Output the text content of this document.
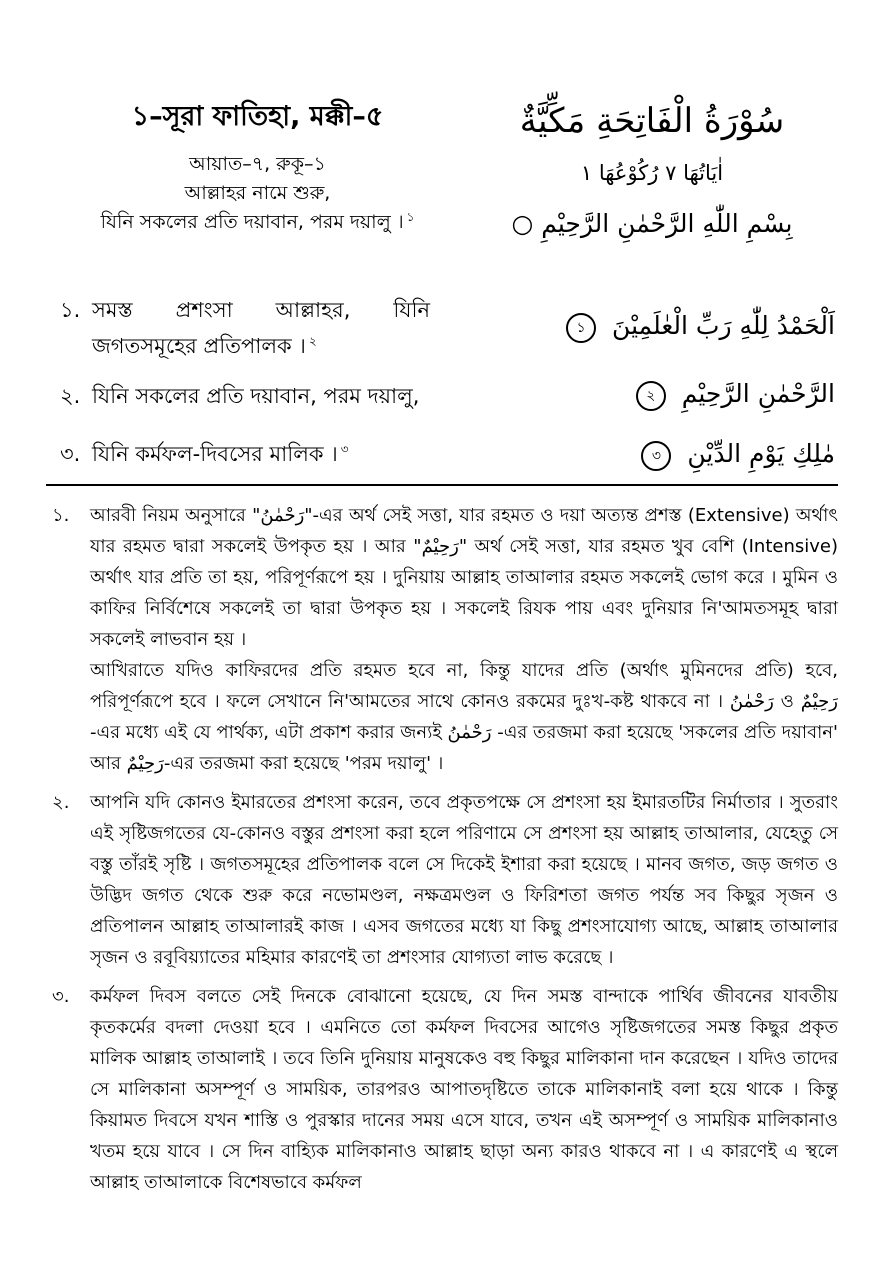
১–সূরা ফাতিহা, মক্কী–৫
আয়াত–৭, রুকূ–১
আল্লাহর নামে শুরু,
যিনি সকলের প্রতি দয়াবান, পরম দয়ালু । $^১$
سُوْرَةُ الْفَاتِحَةِ مَكِّيَّةٌ
اٰيَاتُهَا ٧ رُكُوْعُهَا ١
بِسْمِ اللّٰهِ الرَّحْمٰنِ الرَّحِيْمِ ○
১. সমস্ত প্রশংসা আল্লাহর, যিনি
জগতসমূহের প্রতিপালক । $^২$
اَلْحَمْدُ لِلّٰهِ رَبِّ الْعٰلَمِيْنَ ১
২. যিনি সকলের প্রতি দয়াবান, পরম দয়ালু,	الرَّحْمٰنِ الرَّحِيْمِ ২
৩. যিনি কর্মফল-দিবসের মালিক । $^৩$	مٰلِكِ يَوْمِ الدِّيْنِ ৩
১. আরবী নিয়ম অনুসারে "رَحْمٰنُ"-এর অর্থ সেই সত্তা, যার রহমত ও দয়া অত্যন্ত প্রশস্ত (Extensive) অর্থাৎ যার রহমত দ্বারা সকলেই উপকৃত হয় । আর "رَحِيْمٌ" অর্থ সেই সত্তা, যার রহমত খুব বেশি (Intensive) অর্থাৎ যার প্রতি তা হয়, পরিপূর্ণরূপে হয় । দুনিয়ায় আল্লাহ তাআলার রহমত সকলেই ভোগ করে । মুমিন ও কাফির নির্বিশেষে সকলেই তা দ্বারা উপকৃত হয় । সকলেই রিযক পায় এবং দুনিয়ার নি'আমতসমূহ দ্বারা সকলেই লাভবান হয় ।

আখিরাতে যদিও কাফিরদের প্রতি রহমত হবে না, কিন্তু যাদের প্রতি (অর্থাৎ মুমিনদের প্রতি) হবে, পরিপূর্ণরূপে হবে । ফলে সেখানে নি'আমতের সাথে কোনও রকমের দুঃখ-কষ্ট থাকবে না । رَحْمٰنُ ও رَحِيْمٌ -এর মধ্যে এই যে পার্থক্য, এটা প্রকাশ করার জন্যই رَحْمٰنُ -এর তরজমা করা হয়েছে 'সকলের প্রতি দয়াবান' আর رَحِيْمٌ-এর তরজমা করা হয়েছে 'পরম দয়ালু' ।

২. আপনি যদি কোনও ইমারতের প্রশংসা করেন, তবে প্রকৃতপক্ষে সে প্রশংসা হয় ইমারতটির নির্মাতার । সুতরাং এই সৃষ্টিজগতের যে-কোনও বস্তুর প্রশংসা করা হলে পরিণামে সে প্রশংসা হয় আল্লাহ তাআলার, যেহেতু সে বস্তু তাঁরই সৃষ্টি । জগতসমূহের প্রতিপালক বলে সে দিকেই ইশারা করা হয়েছে । মানব জগত, জড় জগত ও উদ্ভিদ জগত থেকে শুরু করে নভোমণ্ডল, নক্ষত্রমণ্ডল ও ফিরিশতা জগত পর্যন্ত সব কিছুর সৃজন ও প্রতিপালন আল্লাহ তাআলারই কাজ । এসব জগতের মধ্যে যা কিছু প্রশংসাযোগ্য আছে, আল্লাহ তাআলার সৃজন ও রবূবিয়্যাতের মহিমার কারণেই তা প্রশংসার যোগ্যতা লাভ করেছে ।

৩. কর্মফল দিবস বলতে সেই দিনকে বোঝানো হয়েছে, যে দিন সমস্ত বান্দাকে পার্থিব জীবনের যাবতীয় কৃতকর্মের বদলা দেওয়া হবে । এমনিতে তো কর্মফল দিবসের আগেও সৃষ্টিজগতের সমস্ত কিছুর প্রকৃত মালিক আল্লাহ তাআলাই । তবে তিনি দুনিয়ায় মানুষকেও বহু কিছুর মালিকানা দান করেছেন । যদিও তাদের সে মালিকানা অসম্পূর্ণ ও সাময়িক, তারপরও আপাতদৃষ্টিতে তাকে মালিকানাই বলা হয়ে থাকে । কিন্তু কিয়ামত দিবসে যখন শাস্তি ও পুরস্কার দানের সময় এসে যাবে, তখন এই অসম্পূর্ণ ও সাময়িক মালিকানাও খতম হয়ে যাবে । সে দিন বাহ্যিক মালিকানাও আল্লাহ ছাড়া অন্য কারও থাকবে না । এ কারণেই এ স্থলে আল্লাহ তাআলাকে বিশেষভাবে কর্মফল
